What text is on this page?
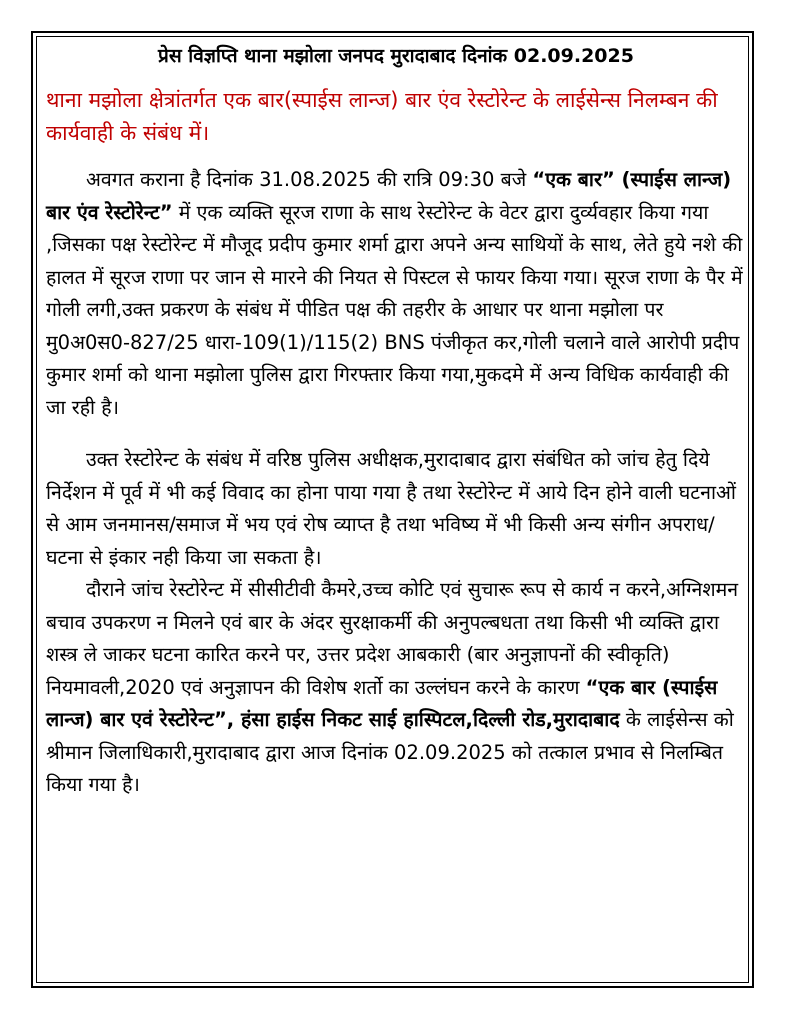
प्रेस विज्ञप्ति थाना मझोला जनपद मुरादाबाद दिनांक 02.09.2025
थाना मझोला क्षेत्रांतर्गत एक बार(स्पाईस लान्ज) बार एंव रेस्टोरेन्ट के लाईसेन्स निलम्बन की कार्यवाही के संबंध में।

अवगत कराना है दिनांक 31.08.2025 की रात्रि 09:30 बजे “एक बार” (स्पाईस लान्ज) बार एंव रेस्टोरेन्ट” में एक व्यक्ति सूरज राणा के साथ रेस्टोरेन्ट के वेटर द्वारा दुर्व्यवहार किया गया ,जिसका पक्ष रेस्टोरेन्ट में मौजूद प्रदीप कुमार शर्मा द्वारा अपने अन्य साथियों के साथ, लेते हुये नशे की हालत में सूरज राणा पर जान से मारने की नियत से पिस्टल से फायर किया गया। सूरज राणा के पैर में गोली लगी,उक्त प्रकरण के संबंध में पीडित पक्ष की तहरीर के आधार पर थाना मझोला पर मु0अ0स0-827/25 धारा-109(1)/115(2) BNS पंजीकृत कर,गोली चलाने वाले आरोपी प्रदीप कुमार शर्मा को थाना मझोला पुलिस द्वारा गिरफ्तार किया गया,मुकदमे में अन्य विधिक कार्यवाही की जा रही है।

उक्त रेस्टोरेन्ट के संबंध में वरिष्ठ पुलिस अधीक्षक,मुरादाबाद द्वारा संबंधित को जांच हेतु दिये निर्देशन में पूर्व में भी कई विवाद का होना पाया गया है तथा रेस्टोरेन्ट में आये दिन होने वाली घटनाओं से आम जनमानस/समाज में भय एवं रोष व्याप्त है तथा भविष्य में भी किसी अन्य संगीन अपराध/घटना से इंकार नही किया जा सकता है।

दौराने जांच रेस्टोरेन्ट में सीसीटीवी कैमरे,उच्च कोटि एवं सुचारू रूप से कार्य न करने,अग्निशमन बचाव उपकरण न मिलने एवं बार के अंदर सुरक्षाकर्मी की अनुपल्बधता तथा किसी भी व्यक्ति द्वारा शस्त्र ले जाकर घटना कारित करने पर, उत्तर प्रदेश आबकारी (बार अनुज्ञापनों की स्वीकृति) नियमावली,2020 एवं अनुज्ञापन की विशेष शर्तो का उल्लंघन करने के कारण “एक बार (स्पाईस लान्ज) बार एवं रेस्टोरेन्ट”, हंसा हाईस निकट साई हास्पिटल,दिल्ली रोड,मुरादाबाद के लाईसेन्स को श्रीमान जिलाधिकारी,मुरादाबाद द्वारा आज दिनांक 02.09.2025 को तत्काल प्रभाव से निलम्बित किया गया है।
